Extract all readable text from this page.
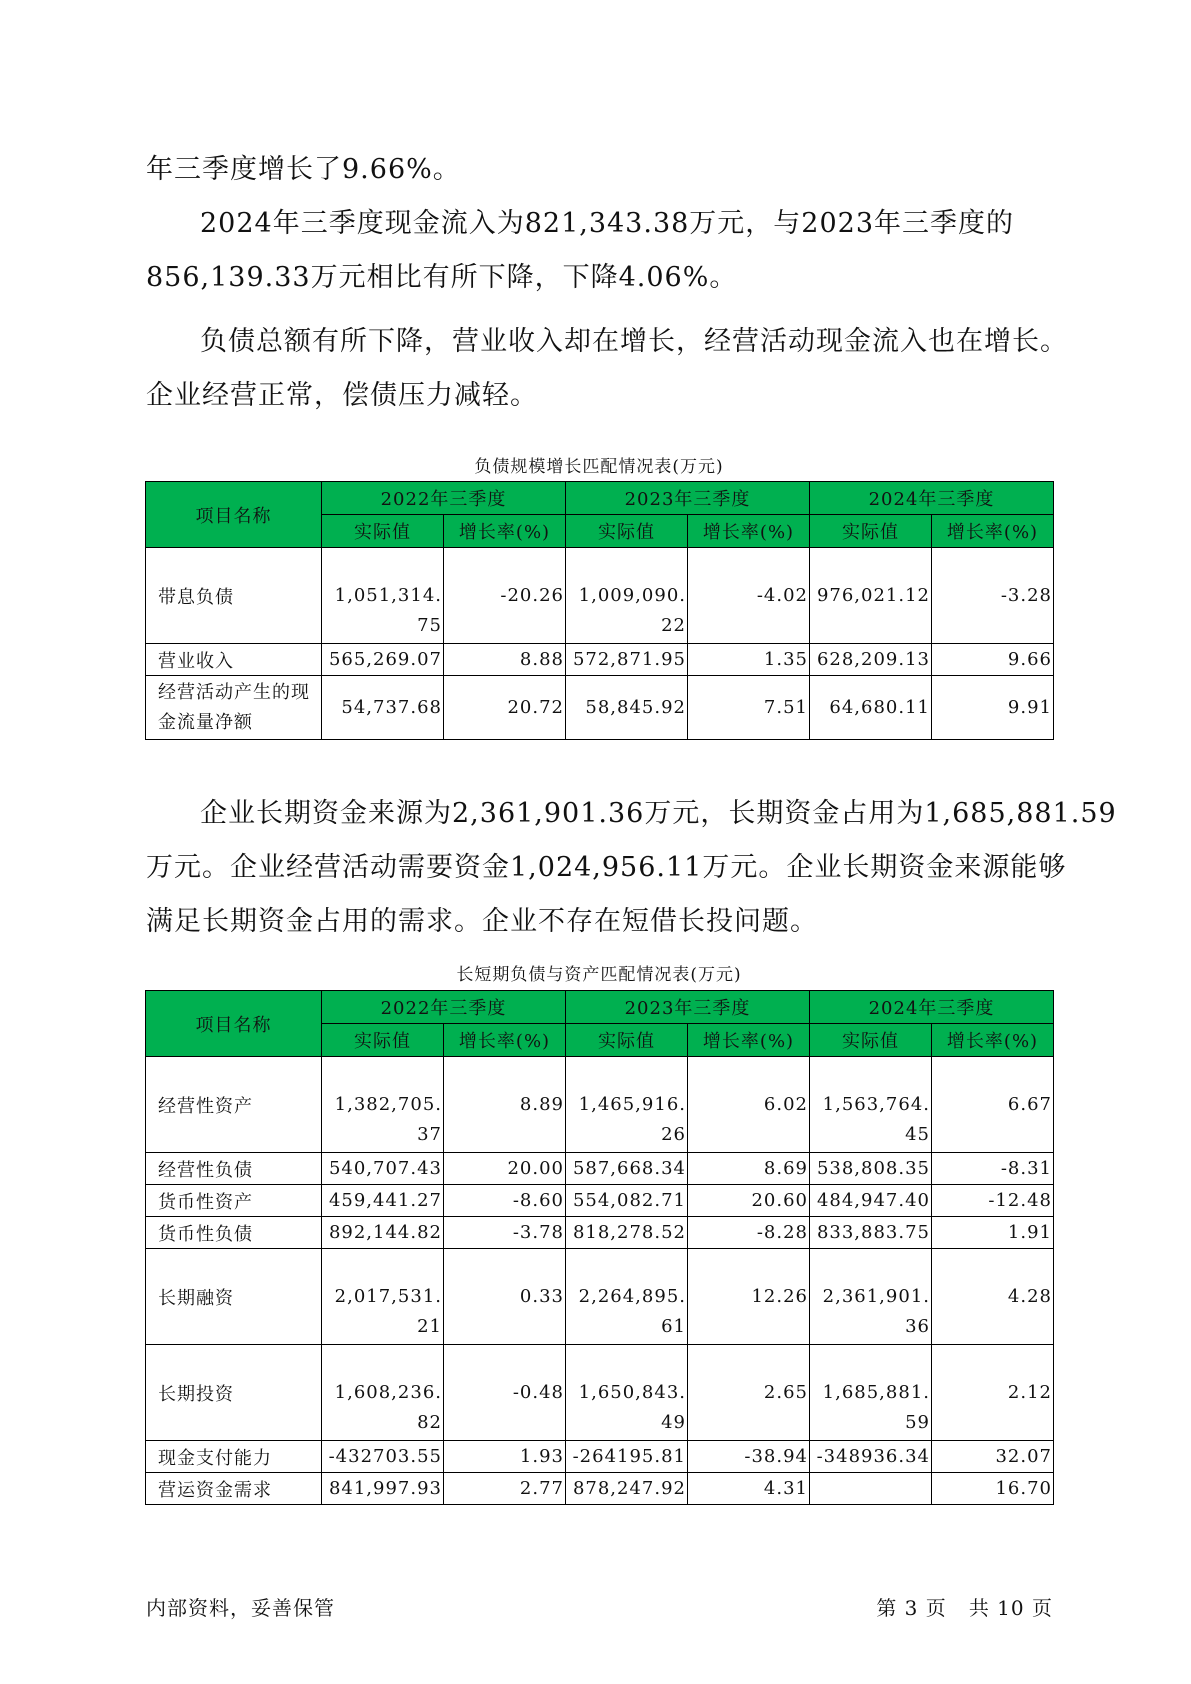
年三季度增长了9.66%。

2024年三季度现金流入为821,343.38万元，与2023年三季度的
856,139.33万元相比有所下降，下降4.06%。

负债总额有所下降，营业收入却在增长，经营活动现金流入也在增长。
企业经营正常，偿债压力减轻。

负债规模增长匹配情况表(万元)
项目名称	2022年三季度		2023年三季度		2024年三季度	
	实际值	增长率(%)	实际值	增长率(%)	实际值	增长率(%)
带息负债	1,051,314.75	-20.26	1,009,090.22	-4.02	976,021.12	-3.28
营业收入	565,269.07	8.88	572,871.95	1.35	628,209.13	9.66
经营活动产生的现金流量净额	54,737.68	20.72	58,845.92	7.51	64,680.11	9.91

企业长期资金来源为2,361,901.36万元，长期资金占用为1,685,881.59
万元。企业经营活动需要资金1,024,956.11万元。企业长期资金来源能够
满足长期资金占用的需求。企业不存在短借长投问题。

长短期负债与资产匹配情况表(万元)
项目名称	2022年三季度		2023年三季度		2024年三季度	
	实际值	增长率(%)	实际值	增长率(%)	实际值	增长率(%)
经营性资产	1,382,705.37	8.89	1,465,916.26	6.02	1,563,764.45	6.67
经营性负债	540,707.43	20.00	587,668.34	8.69	538,808.35	-8.31
货币性资产	459,441.27	-8.60	554,082.71	20.60	484,947.40	-12.48
货币性负债	892,144.82	-3.78	818,278.52	-8.28	833,883.75	1.91
长期融资	2,017,531.21	0.33	2,264,895.61	12.26	2,361,901.36	4.28
长期投资	1,608,236.82	-0.48	1,650,843.49	2.65	1,685,881.59	2.12
现金支付能力	-432703.55	1.93	-264195.81	-38.94	-348936.34	32.07
营运资金需求	841,997.93	2.77	878,247.92	4.31		16.70
内部资料，妥善保管	第 3 页   共 10 页
